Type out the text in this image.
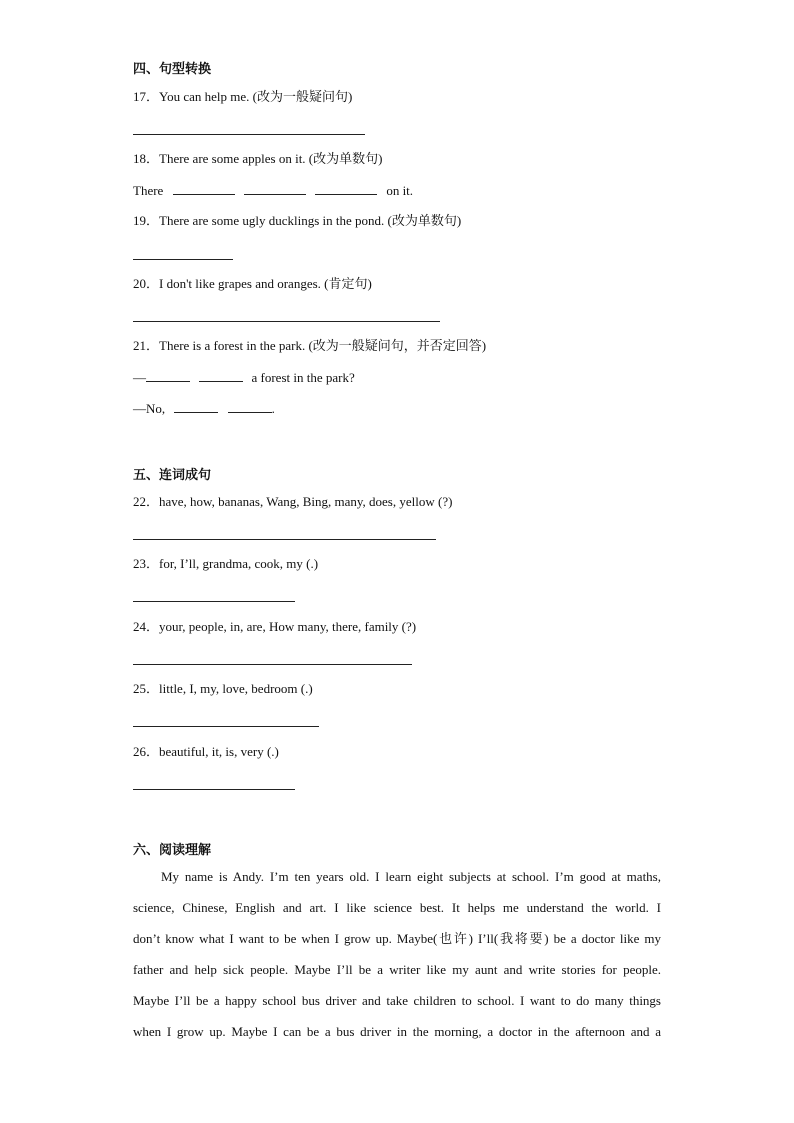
四、句型转换
17．You can help me. (改为一般疑问句)
18．There are some apples on it. (改为单数句)
There	on it.
19．There are some ugly ducklings in the pond. (改为单数句)
20．I don't like grapes and oranges. (肯定句)
21．There is a forest in the park. (改为一般疑问句，并否定回答)
—	a forest in the park?
—No,	.
五、连词成句
22．have, how, bananas, Wang, Bing, many, does, yellow (?)
23．for, I’ll, grandma, cook, my (.)
24．your, people, in, are, How many, there, family (?)
25．little, I, my, love, bedroom (.)
26．beautiful, it, is, very (.)
六、阅读理解
My name is Andy. I’m ten years old. I learn eight subjects at school. I’m good at maths,
science, Chinese, English and art. I like science best. It helps me understand the world. I
don’t know what I want to be when I grow up. Maybe(也许) I’ll(我将要) be a doctor like my
father and help sick people. Maybe I’ll be a writer like my aunt and write stories for people.
Maybe I’ll be a happy school bus driver and take children to school. I want to do many things
when I grow up. Maybe I can be a bus driver in the morning, a doctor in the afternoon and a
